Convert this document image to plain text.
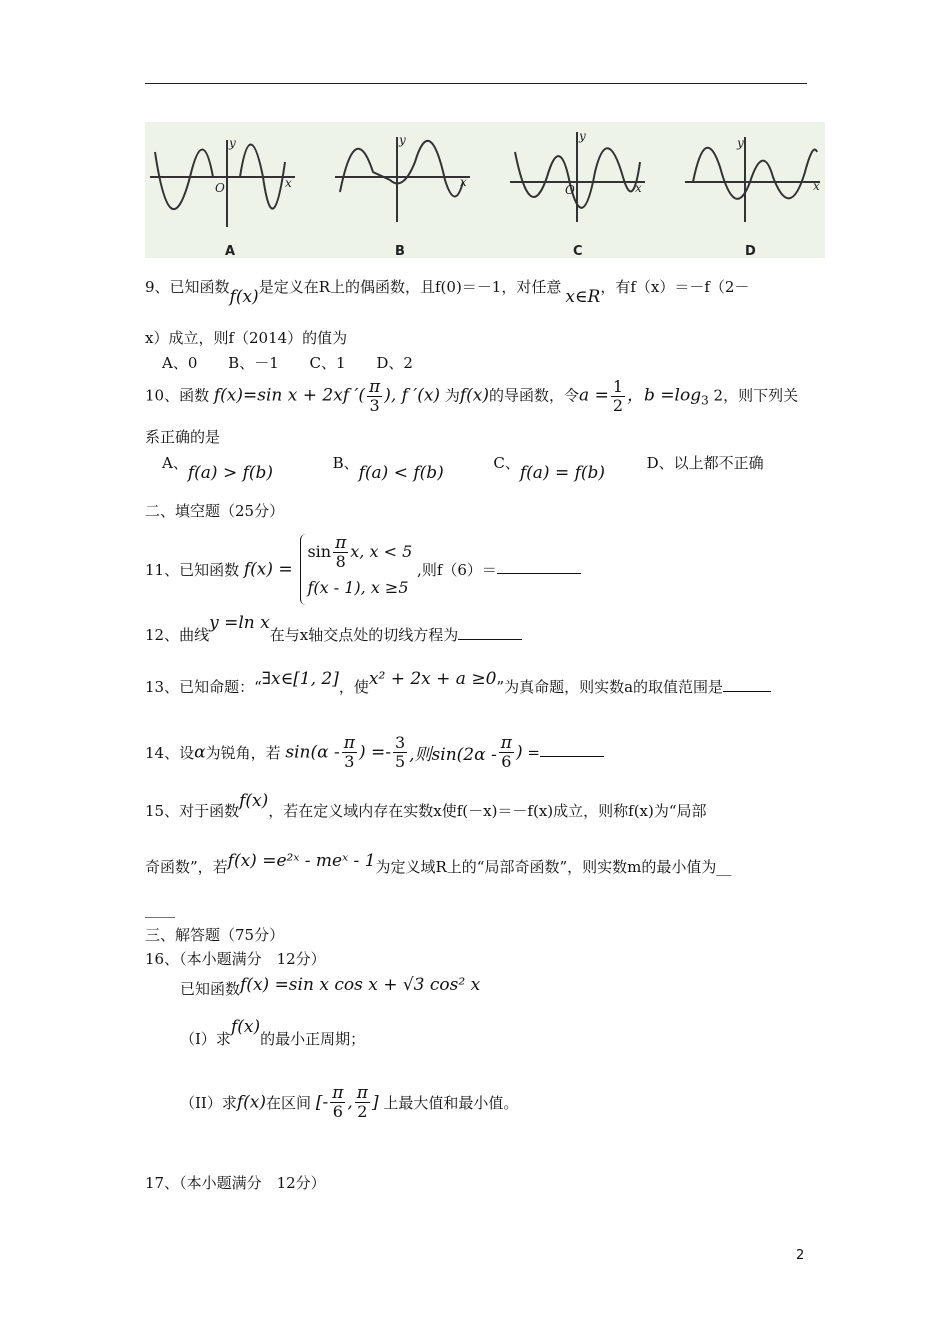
y
x
O
y
x
y
x
O
y
x
A	B	C	D
9、已知函数f(x)是定义在R上的偶函数，且f(0)＝－1，对任意 x∈R，有f（x）＝－f（2－
x）成立，则f（2014）的值为
A、0 B、－1 C、1 D、2
10、函数 f(x)=sin x + 2xf ′( $\frac{\pi}{3}$ ), f ′(x) 为f(x)的导函数，令$a = \frac{1}{2}$ ，$b =\log_3$ 2，则下列关
系正确的是
A、f(a) > f(b)	B、f(a) < f(b)	C、f(a) = f(b)	D、以上都不正确
二、填空题（25分）
11、已知函数 f(x) =
$\sin \frac{\pi}{8} x$, x < 5
f(x - 1), x ≥5
,则f（6）＝
12、曲线y =ln x在与x轴交点处的切线方程为
13、已知命题：“∃x∈[1, 2]，使x² + 2x + a ≥0”为真命题，则实数a的取值范围是
14、设α为锐角，若 $\sin(\alpha - \frac{\pi}{3}$ ) =- $\frac{3}{5}$ ,则$\sin(2\alpha - \frac{\pi}{6}$ ) =
15、对于函数f(x)，若在定义域内存在实数x使f(－x)＝－f(x)成立，则称f(x)为“局部
奇函数”，若f(x) =e²ˣ - meˣ - 1为定义域R上的“局部奇函数”，则实数m的最小值为__
____
三、解答题（75分）
16、（本小题满分　12分）
已知函数f(x) =sin x cos x + √3 cos² x
（I）求f(x)的最小正周期；
（II）求f(x)在区间 [- $\frac{\pi}{6}$ , $\frac{\pi}{2}$ ] 上最大值和最小值。
17、（本小题满分　12分）
2
